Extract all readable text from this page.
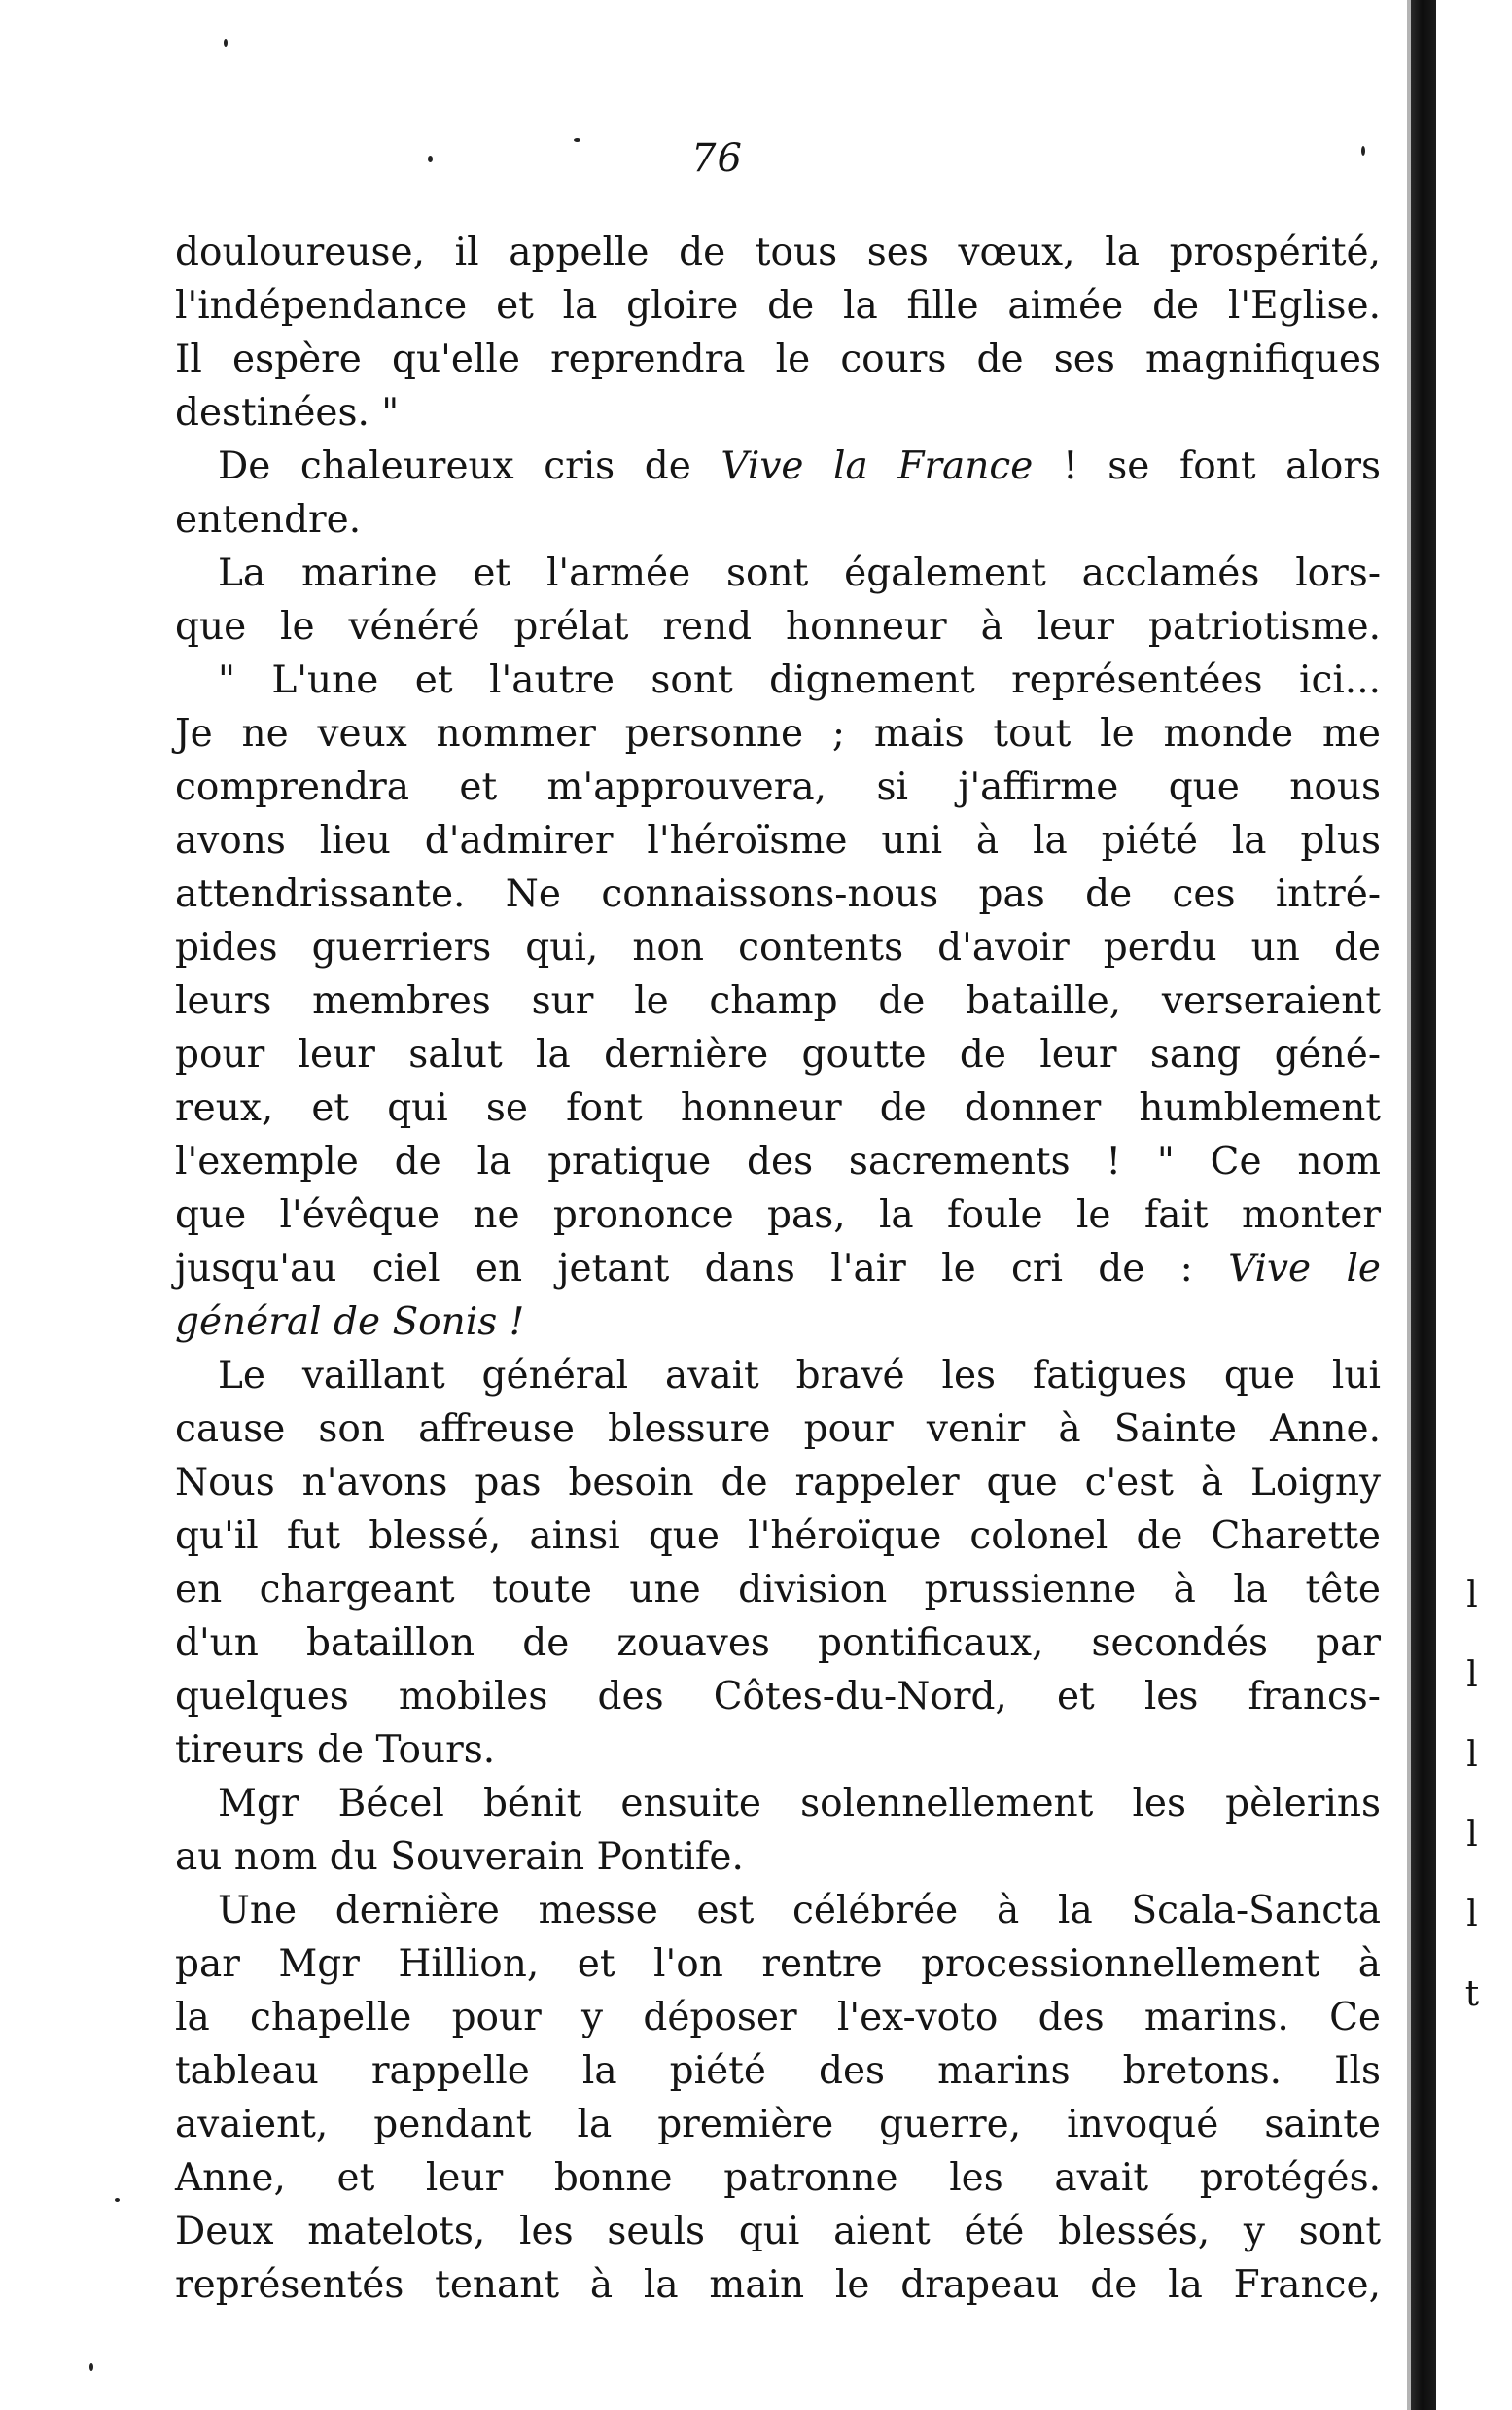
76
douloureuse, il appelle de tous ses vœux, la prospérité,
l'indépendance et la gloire de la fille aimée de l'Eglise.
Il espère qu'elle reprendra le cours de ses magnifiques
destinées. "
De chaleureux cris de Vive la France ! se font alors
entendre.
La marine et l'armée sont également acclamés lors-
que le vénéré prélat rend honneur à leur patriotisme.
" L'une et l'autre sont dignement représentées ici...
Je ne veux nommer personne ; mais tout le monde me
comprendra et m'approuvera, si j'affirme que nous
avons lieu d'admirer l'héroïsme uni à la piété la plus
attendrissante. Ne connaissons-nous pas de ces intré-
pides guerriers qui, non contents d'avoir perdu un de
leurs membres sur le champ de bataille, verseraient
pour leur salut la dernière goutte de leur sang géné-
reux, et qui se font honneur de donner humblement
l'exemple de la pratique des sacrements ! " Ce nom
que l'évêque ne prononce pas, la foule le fait monter
jusqu'au ciel en jetant dans l'air le cri de : Vive le
général de Sonis !
Le vaillant général avait bravé les fatigues que lui
cause son affreuse blessure pour venir à Sainte Anne.
Nous n'avons pas besoin de rappeler que c'est à Loigny
qu'il fut blessé, ainsi que l'héroïque colonel de Charette
en chargeant toute une division prussienne à la tête
d'un bataillon de zouaves pontificaux, secondés par
quelques mobiles des Côtes-du-Nord, et les francs-
tireurs de Tours.
Mgr Bécel bénit ensuite solennellement les pèlerins
au nom du Souverain Pontife.
Une dernière messe est célébrée à la Scala-Sancta
par Mgr Hillion, et l'on rentre processionnellement à
la chapelle pour y déposer l'ex-voto des marins. Ce
tableau rappelle la piété des marins bretons. Ils
avaient, pendant la première guerre, invoqué sainte
Anne, et leur bonne patronne les avait protégés.
Deux matelots, les seuls qui aient été blessés, y sont
représentés tenant à la main le drapeau de la France,
l
l
l
l
l
t
